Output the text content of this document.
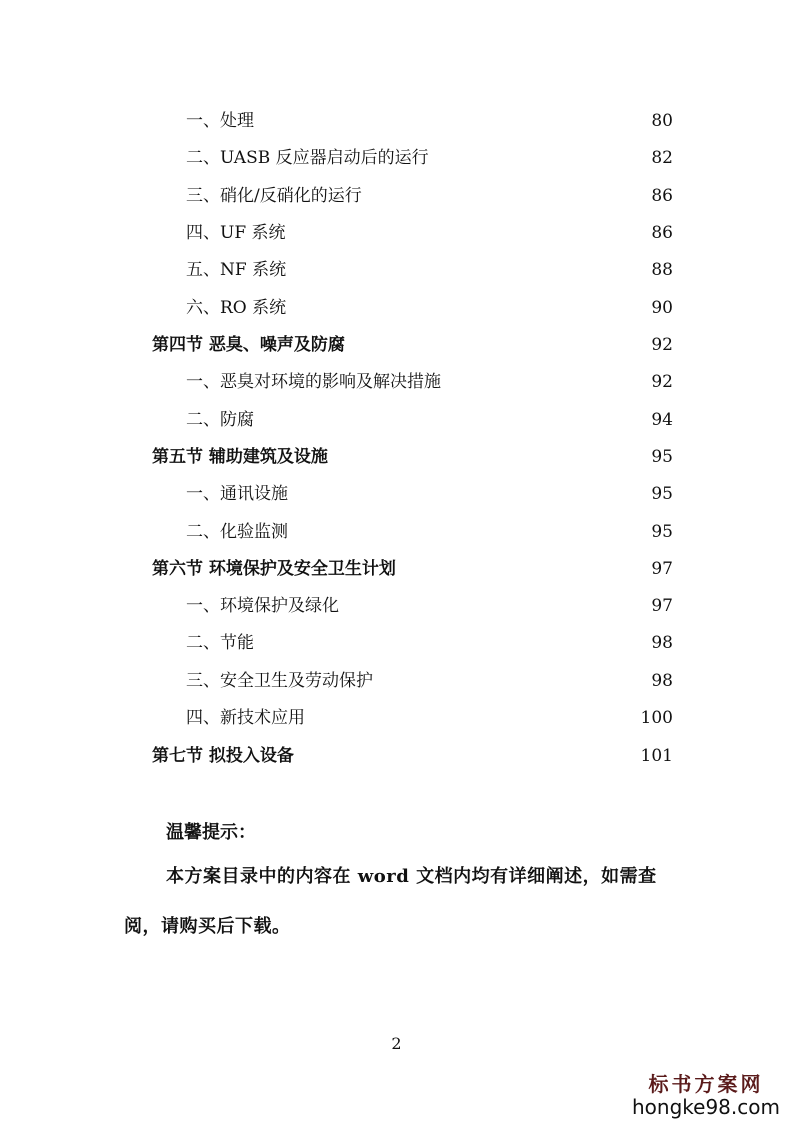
一、处理	80
二、UASB 反应器启动后的运行	82
三、硝化/反硝化的运行	86
四、UF 系统	86
五、NF 系统	88
六、RO 系统	90
第四节 恶臭、噪声及防腐	92
一、恶臭对环境的影响及解决措施	92
二、防腐	94
第五节 辅助建筑及设施	95
一、通讯设施	95
二、化验监测	95
第六节 环境保护及安全卫生计划	97
一、环境保护及绿化	97
二、节能	98
三、安全卫生及劳动保护	98
四、新技术应用	100
第七节 拟投入设备	101
温馨提示：
本方案目录中的内容在 word 文档内均有详细阐述，如需查阅，请购买后下载。
2
标书方案网
hongke98.com
